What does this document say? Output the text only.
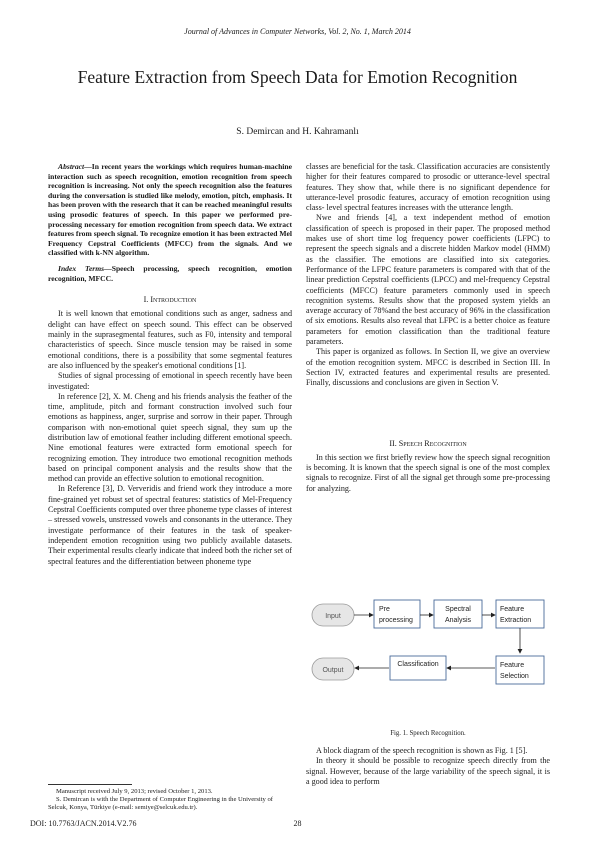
Journal of Advances in Computer Networks, Vol. 2, No. 1, March 2014
Feature Extraction from Speech Data for Emotion Recognition
S. Demircan and H. Kahramanlı

Abstract—In recent years the workings which requires human-machine interaction such as speech recognition, emotion recognition from speech recognition is increasing. Not only the speech recognition also the features during the conversation is studied like melody, emotion, pitch, emphasis. It has been proven with the research that it can be reached meaningful results using prosodic features of speech. In this paper we performed pre-processing necessary for emotion recognition from speech data. We extract features from speech signal. To recognize emotion it has been extracted Mel Frequency Cepstral Coefficients (MFCC) from the signals. And we classified with k-NN algorithm.

Index Terms—Speech processing, speech recognition, emotion recognition, MFCC.

I. Introduction

It is well known that emotional conditions such as anger, sadness and delight can have effect on speech sound. This effect can be observed mainly in the suprasegmental features, such as F0, intensity and temporal characteristics of speech. Since muscle tension may be raised in some emotional conditions, there is a possibility that some segmental features are also influenced by the speaker's emotional conditions [1].

Studies of signal processing of emotional in speech recently have been investigated:

In reference [2], X. M. Cheng and his friends analysis the feather of the time, amplitude, pitch and formant construction involved such four emotions as happiness, anger, surprise and sorrow in their paper. Through comparison with non-emotional quiet speech signal, they sum up the distribution law of emotional feather including different emotional speech. Nine emotional features were extracted form emotional speech for recognizing emotion. They introduce two emotional recognition methods based on principal component analysis and the results show that the method can provide an effective solution to emotional recognition.

In Reference [3], D. Ververidis and friend work they introduce a more fine-grained yet robust set of spectral features: statistics of Mel-Frequency Cepstral Coefficients computed over three phoneme type classes of interest – stressed vowels, unstressed vowels and consonants in the utterance. They investigate performance of their features in the task of speaker-independent emotion recognition using two publicly available datasets. Their experimental results clearly indicate that indeed both the richer set of spectral features and the differentiation between phoneme type

Manuscript received July 9, 2013; revised October 1, 2013.
S. Demircan is with the Department of Computer Engineering in the University of Selcuk, Konya, Türkiye (e-mail: semiye@selcuk.edu.tr).

classes are beneficial for the task. Classification accuracies are consistently higher for their features compared to prosodic or utterance-level spectral features. They show that, while there is no significant dependence for utterance-level prosodic features, accuracy of emotion recognition using class- level spectral features increases with the utterance length.

Nwe and friends [4], a text independent method of emotion classification of speech is proposed in their paper. The proposed method makes use of short time log frequency power coefficients (LFPC) to represent the speech signals and a discrete hidden Markov model (HMM) as the classifier. The emotions are classified into six categories. Performance of the LFPC feature parameters is compared with that of the linear prediction Cepstral coefficients (LPCC) and mel-frequency Cepstral coefficients (MFCC) feature parameters commonly used in speech recognition systems. Results show that the proposed system yields an average accuracy of 78%and the best accuracy of 96% in the classification of six emotions. Results also reveal that LFPC is a better choice as feature parameters for emotion classification than the traditional feature parameters.

This paper is organized as follows. In Section II, we give an overview of the emotion recognition system. MFCC is described in Section III. In Section IV, extracted features and experimental results are presented. Finally, discussions and conclusions are given in Section V.

II. Speech Recognition

In this section we first briefly review how the speech signal recognition is becoming. It is known that the speech signal is one of the most complex signals to recognize. First of all the signal get through some pre-processing for analyzing.

Input
Pre
processing
Spectral
Analysis
Feature
Extraction
Output
Classification	Feature
Selection
Fig. 1. Speech Recognition.

A block diagram of the speech recognition is shown as Fig. 1 [5].

In theory it should be possible to recognize speech directly from the signal. However, because of the large variability of the speech signal, it is a good idea to perform

DOI: 10.7763/JACN.2014.V2.76	28
